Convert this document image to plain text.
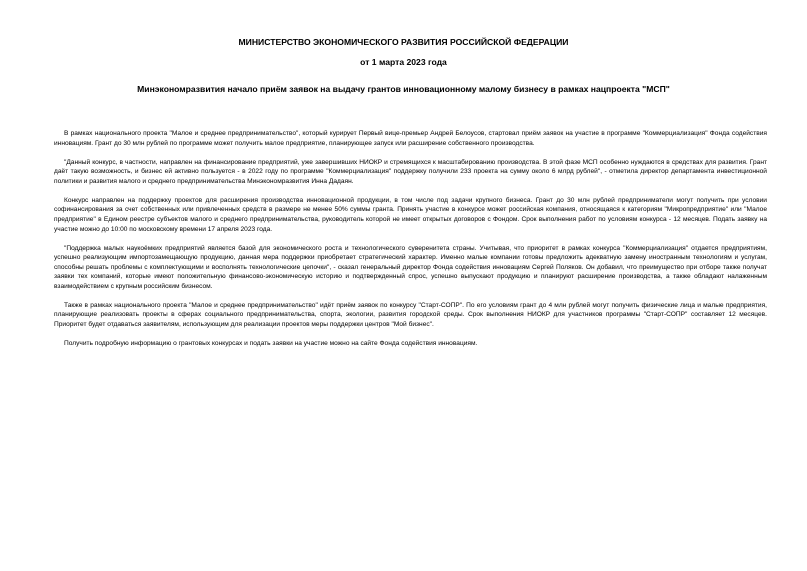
МИНИСТЕРСТВО ЭКОНОМИЧЕСКОГО РАЗВИТИЯ РОССИЙСКОЙ ФЕДЕРАЦИИ
от 1 марта 2023 года
Минэкономразвития начало приём заявок на выдачу грантов инновационному малому бизнесу в рамках нацпроекта "МСП"

В рамках национального проекта "Малое и среднее предпринимательство", который курирует Первый вице-премьер Андрей Белоусов, стартовал приём заявок на участие в программе "Коммерциализация" Фонда содействия инновациям. Грант до 30 млн рублей по программе может получить малое предприятие, планирующее запуск или расширение собственного производства.

"Данный конкурс, в частности, направлен на финансирование предприятий, уже завершивших НИОКР и стремящихся к масштабированию производства. В этой фазе МСП особенно нуждаются в средствах для развития. Грант даёт такую возможность, и бизнес ей активно пользуется - в 2022 году по программе "Коммерциализация" поддержку получили 233 проекта на сумму около 6 млрд рублей", - отметила директор департамента инвестиционной политики и развития малого и среднего предпринимательства Минэкономразвития Инна Дадаян.

Конкурс направлен на поддержку проектов для расширения производства инновационной продукции, в том числе под задачи крупного бизнеса. Грант до 30 млн рублей предприниматели могут получить при условии софинансирования за счет собственных или привлеченных средств в размере не менее 50% суммы гранта. Принять участие в конкурсе может российская компания, относящаяся к категориям "Микропредприятие" или "Малое предприятие" в Едином реестре субъектов малого и среднего предпринимательства, руководитель которой не имеет открытых договоров с Фондом. Срок выполнения работ по условиям конкурса - 12 месяцев. Подать заявку на участие можно до 10:00 по московскому времени 17 апреля 2023 года.

"Поддержка малых наукоёмких предприятий является базой для экономического роста и технологического суверенитета страны. Учитывая, что приоритет в рамках конкурса "Коммерциализация" отдается предприятиям, успешно реализующим импортозамещающую продукцию, данная мера поддержки приобретает стратегический характер. Именно малые компании готовы предложить адекватную замену иностранным технологиям и услугам, способны решать проблемы с комплектующими и восполнять технологические цепочки", - сказал генеральный директор Фонда содействия инновациям Сергей Поляков. Он добавил, что преимущество при отборе также получат заявки тех компаний, которые имеют положительную финансово-экономическую историю и подтвержденный спрос, успешно выпускают продукцию и планируют расширение производства, а также обладают налаженным взаимодействием с крупным российским бизнесом.

Также в рамках национального проекта "Малое и среднее предпринимательство" идёт приём заявок по конкурсу "Старт-СОПР". По его условиям грант до 4 млн рублей могут получить физические лица и малые предприятия, планирующие реализовать проекты в сферах социального предпринимательства, спорта, экологии, развития городской среды. Срок выполнения НИОКР для участников программы "Старт-СОПР" составляет 12 месяцев. Приоритет будет отдаваться заявителям, использующим для реализации проектов меры поддержки центров "Мой бизнес".

Получить подробную информацию о грантовых конкурсах и подать заявки на участие можно на сайте Фонда содействия инновациям.
